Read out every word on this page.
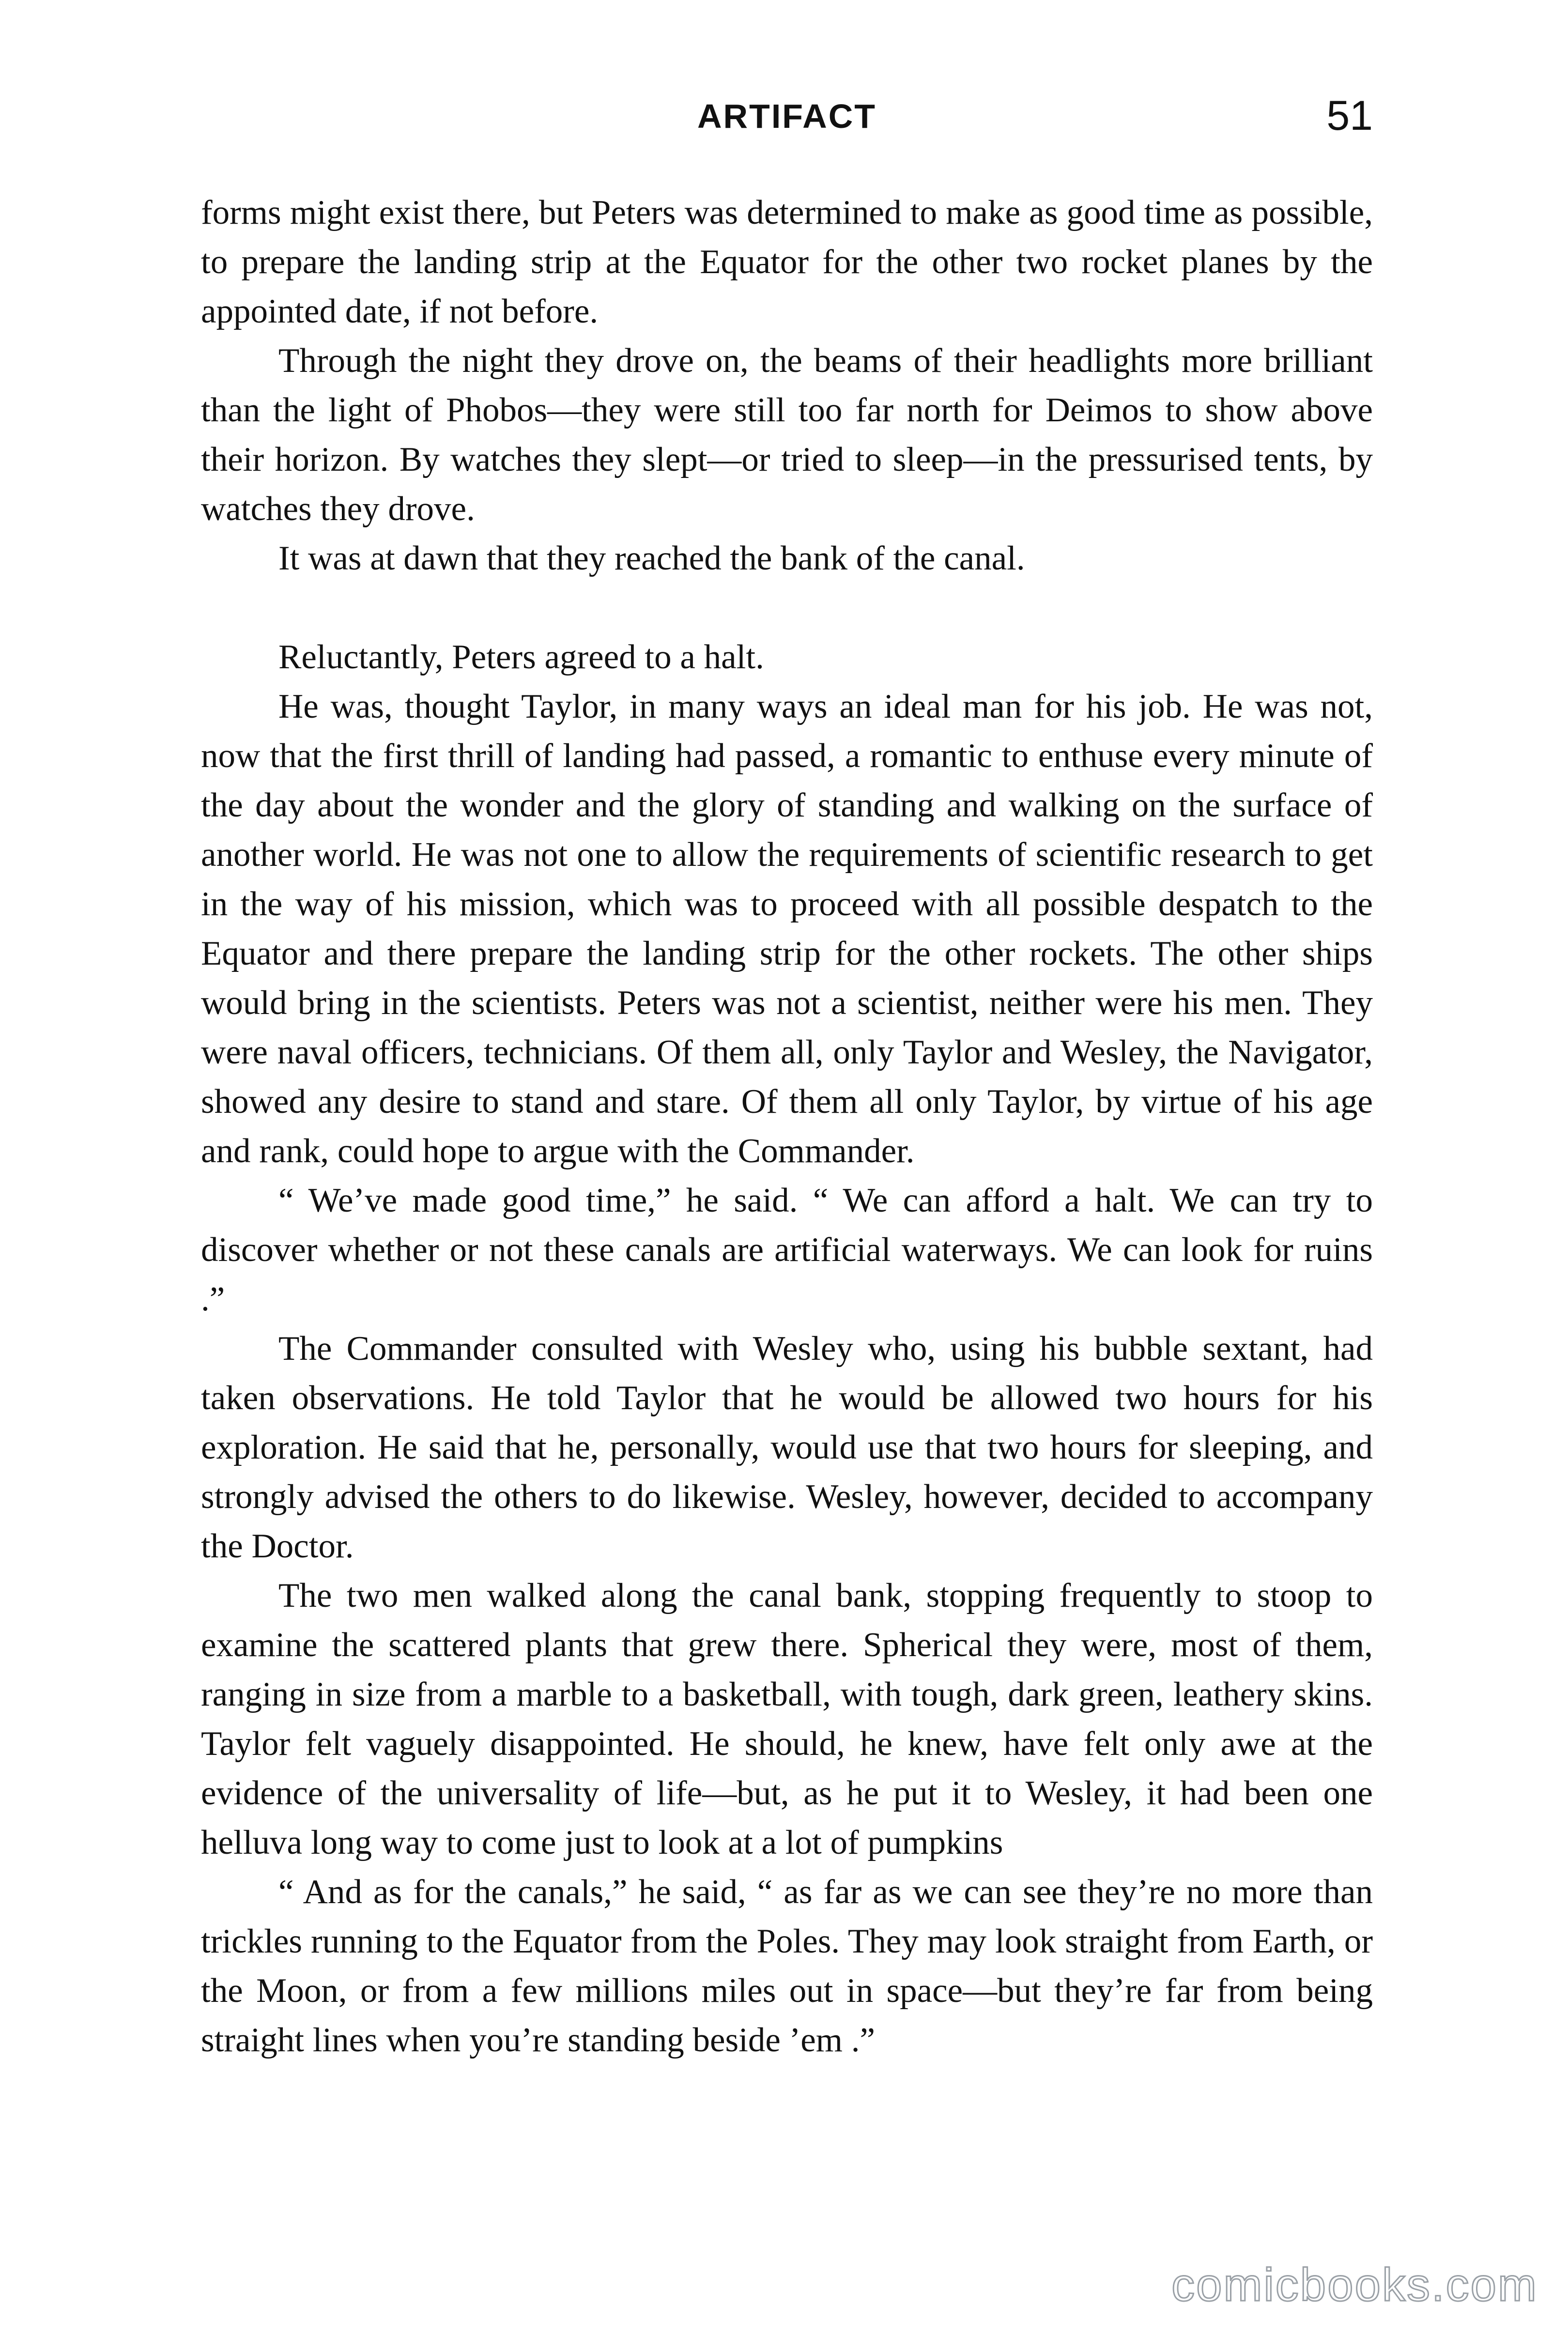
ARTIFACT	51

forms might exist there, but Peters was determined to make as good time as possible, to prepare the landing strip at the Equator for the other two rocket planes by the appointed date, if not before.

Through the night they drove on, the beams of their headlights more brilliant than the light of Phobos—they were still too far north for Deimos to show above their horizon. By watches they slept—or tried to sleep—in the pressurised tents, by watches they drove.

It was at dawn that they reached the bank of the canal.

Reluctantly, Peters agreed to a halt.

He was, thought Taylor, in many ways an ideal man for his job. He was not, now that the first thrill of landing had passed, a romantic to enthuse every minute of the day about the wonder and the glory of standing and walking on the surface of another world. He was not one to allow the requirements of scientific research to get in the way of his mission, which was to proceed with all possible despatch to the Equator and there prepare the landing strip for the other rockets. The other ships would bring in the scientists. Peters was not a scientist, neither were his men. They were naval officers, technicians. Of them all, only Taylor and Wesley, the Navigator, showed any desire to stand and stare. Of them all only Taylor, by virtue of his age and rank, could hope to argue with the Commander.

“ We’ve made good time,” he said. “ We can afford a halt. We can try to discover whether or not these canals are artificial waterways. We can look for ruins .”

The Commander consulted with Wesley who, using his bubble sextant, had taken observations. He told Taylor that he would be allowed two hours for his exploration. He said that he, personally, would use that two hours for sleeping, and strongly advised the others to do likewise. Wesley, however, decided to accompany the Doctor.

The two men walked along the canal bank, stopping frequently to stoop to examine the scattered plants that grew there. Spherical they were, most of them, ranging in size from a marble to a basketball, with tough, dark green, leathery skins. Taylor felt vaguely disappointed. He should, he knew, have felt only awe at the evidence of the universality of life—but, as he put it to Wesley, it had been one helluva long way to come just to look at a lot of pumpkins

“ And as for the canals,” he said, “ as far as we can see they’re no more than trickles running to the Equator from the Poles. They may look straight from Earth, or the Moon, or from a few millions miles out in space—but they’re far from being straight lines when you’re standing beside ’em .”

comicbooks.com
